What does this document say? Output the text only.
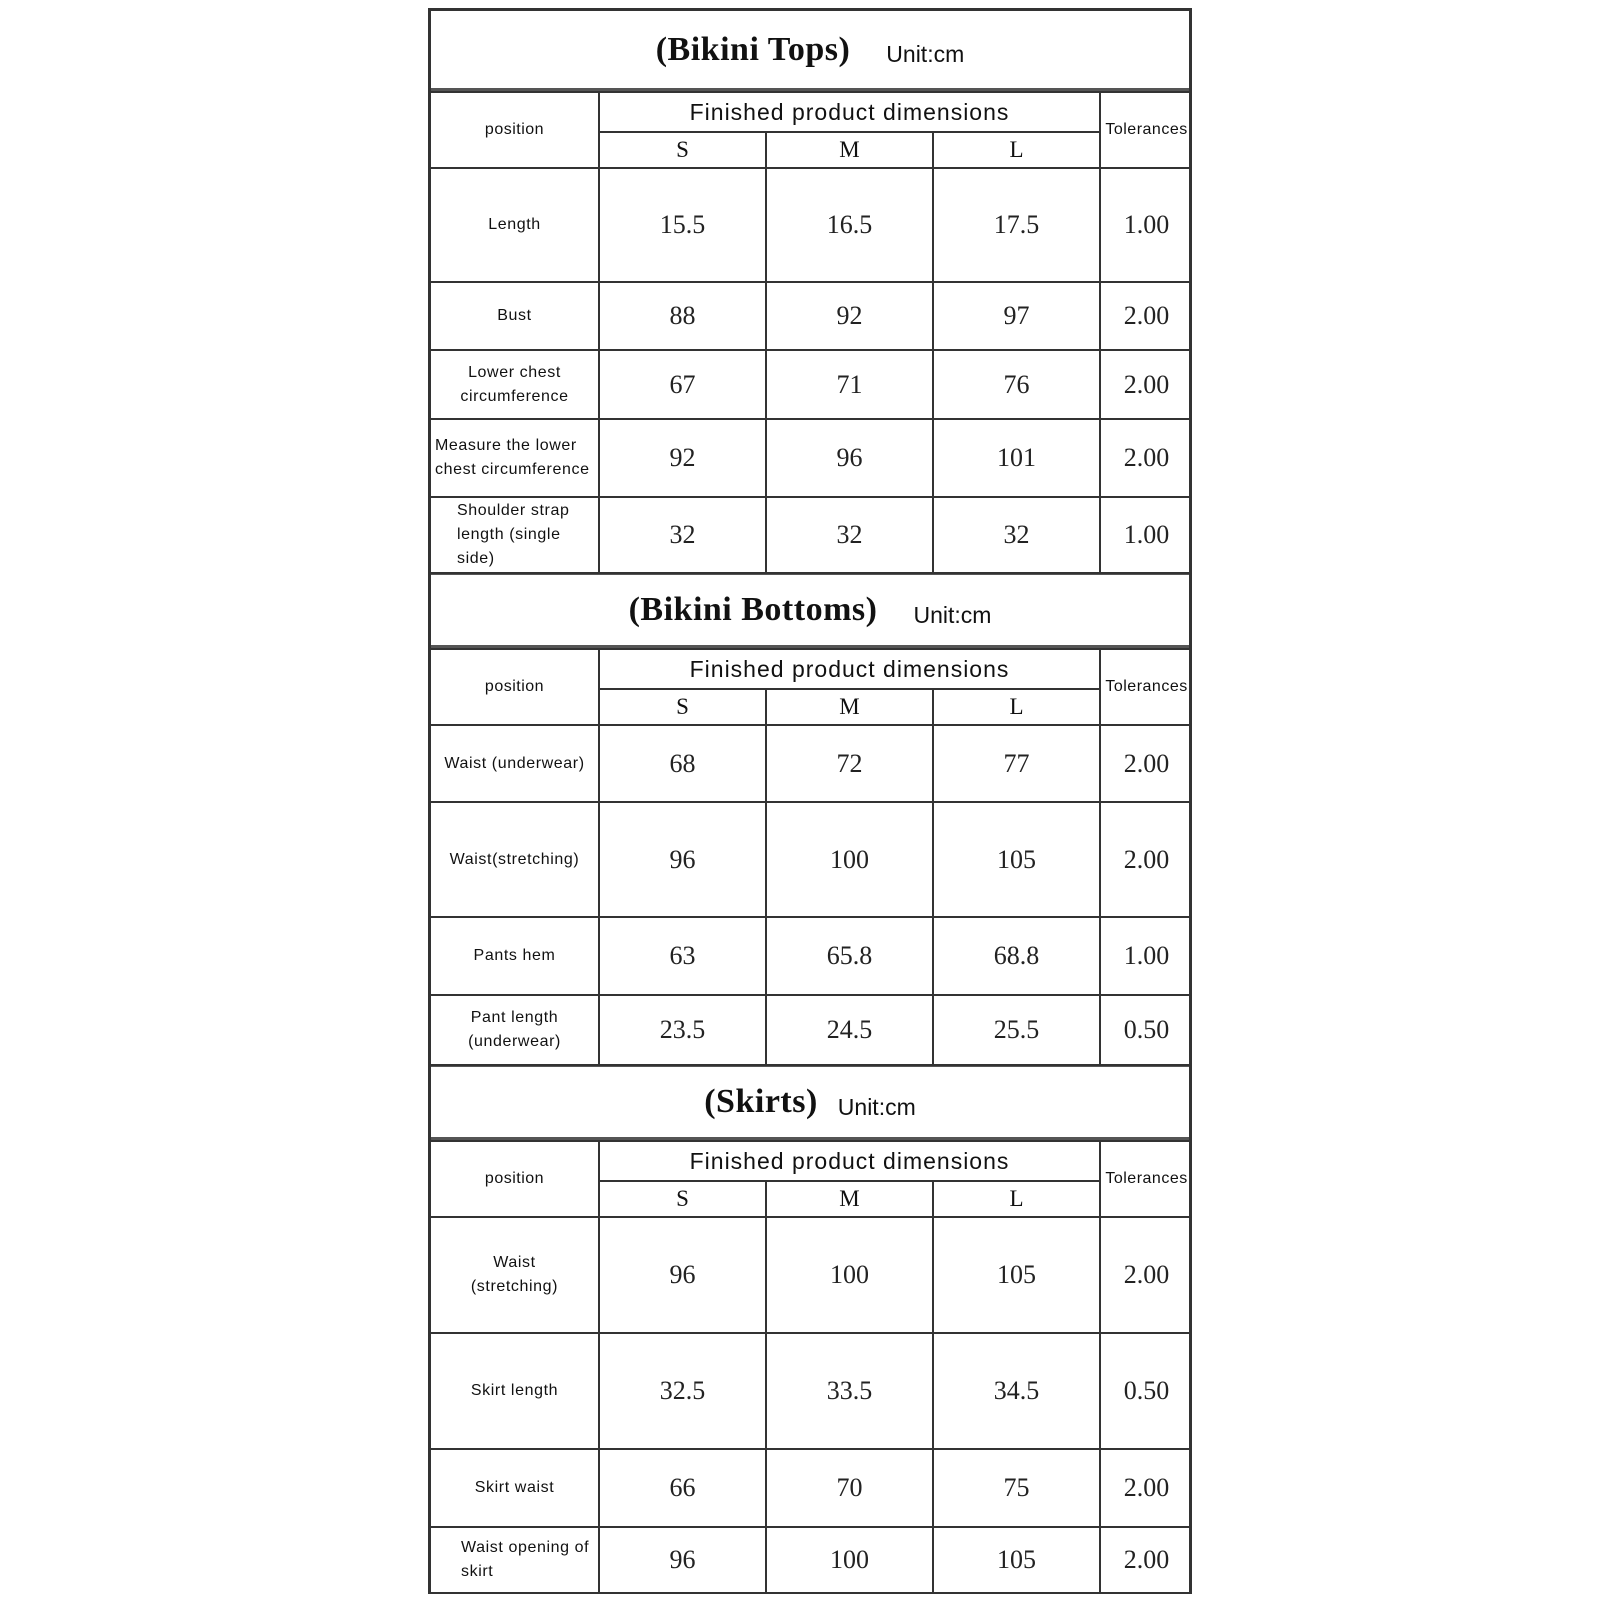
(Bikini Tops) Unit:cm
position	Finished product dimensions			Tolerances
	S	M	L	
Length	15.5	16.5	17.5	1.00
Bust	88	92	97	2.00
Lower chest circumference	67	71	76	2.00
Measure the lower chest circumference	92	96	101	2.00
Shoulder strap length (single side)	32	32	32	1.00
(Bikini Bottoms) Unit:cm
position	Finished product dimensions			Tolerances
	S	M	L	
Waist (underwear)	68	72	77	2.00
Waist(stretching)	96	100	105	2.00
Pants hem	63	65.8	68.8	1.00
Pant length (underwear)	23.5	24.5	25.5	0.50
(Skirts) Unit:cm
position	Finished product dimensions			Tolerances
	S	M	L	
Waist (stretching)	96	100	105	2.00
Skirt length	32.5	33.5	34.5	0.50
Skirt waist	66	70	75	2.00
Waist opening of skirt	96	100	105	2.00
